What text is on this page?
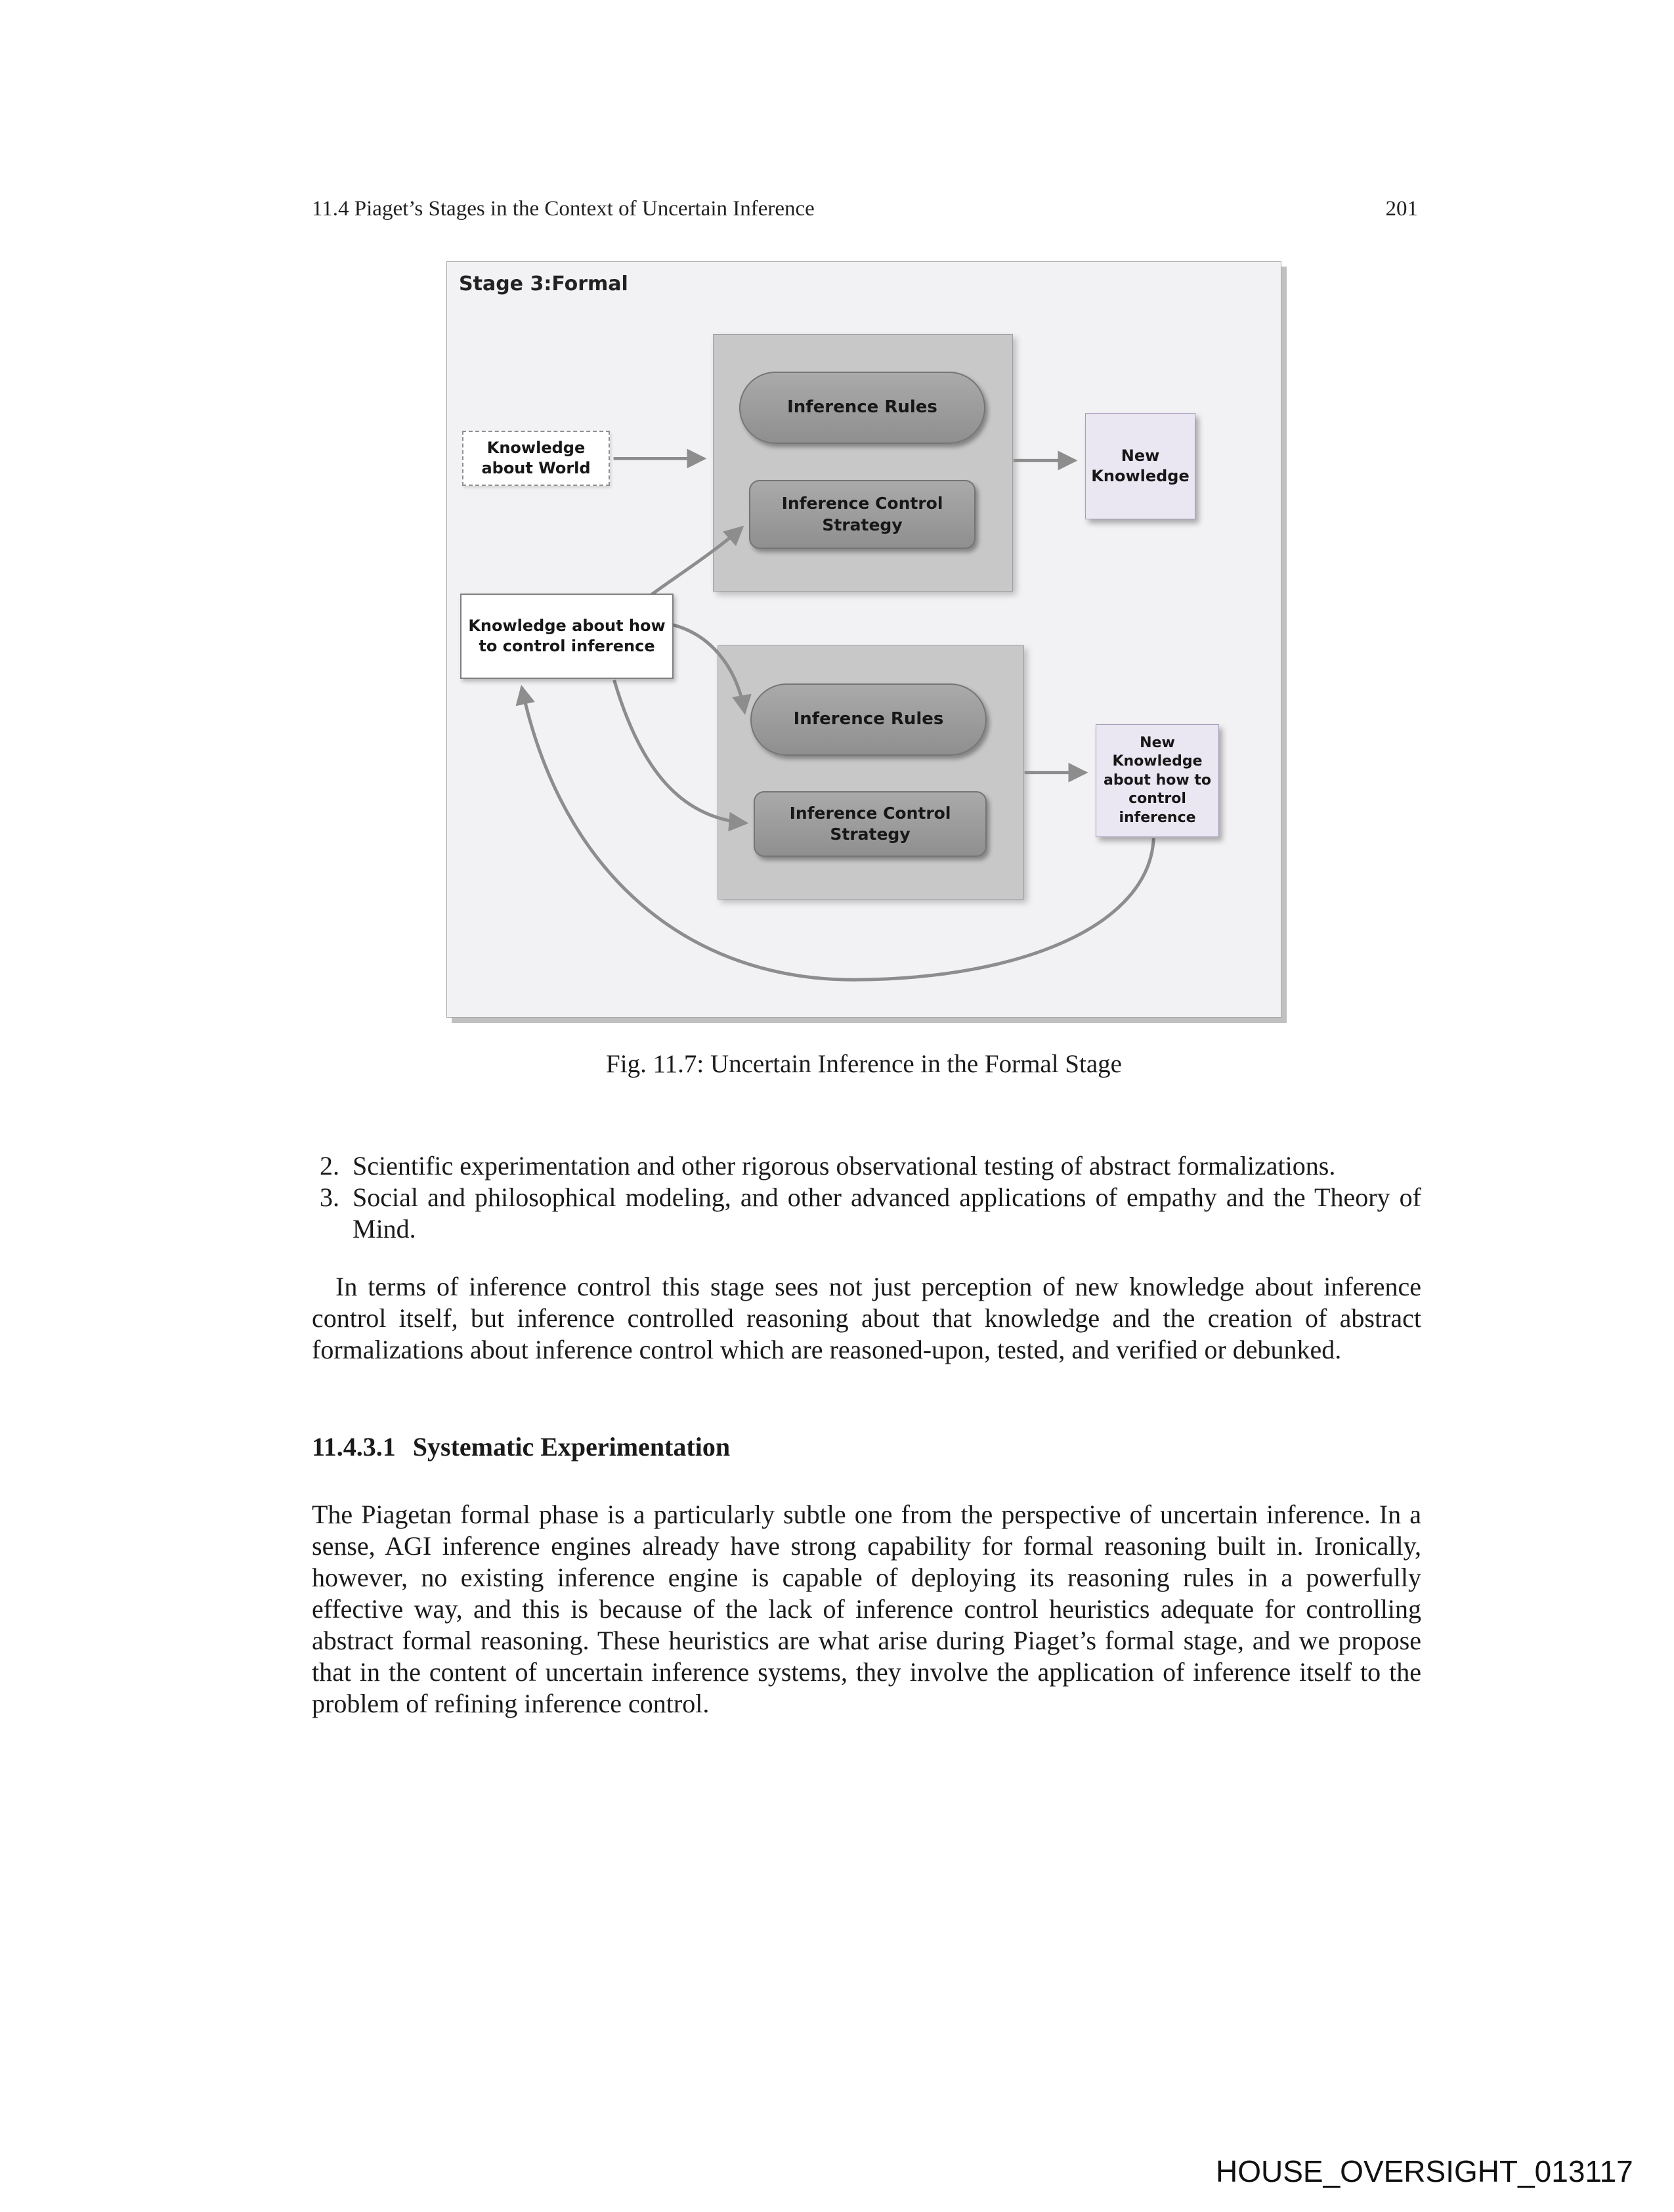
11.4 Piaget’s Stages in the Context of Uncertain Inference	201
Stage 3:Formal
Inference Rules
Inference Control Strategy
Knowledge about World
New Knowledge
Knowledge about how to control inference
Inference Rules
Inference Control Strategy
New Knowledge about how to control inference
Fig. 11.7: Uncertain Inference in the Formal Stage
2. Scientific experimentation and other rigorous observational testing of abstract formalizations.
3. Social and philosophical modeling, and other advanced applications of empathy and the Theory of Mind.

In terms of inference control this stage sees not just perception of new knowledge about inference control itself, but inference controlled reasoning about that knowledge and the creation of abstract formalizations about inference control which are reasoned-upon, tested, and verified or debunked.

11.4.3.1 Systematic Experimentation

The Piagetan formal phase is a particularly subtle one from the perspective of uncertain inference. In a sense, AGI inference engines already have strong capability for formal reasoning built in. Ironically, however, no existing inference engine is capable of deploying its reasoning rules in a powerfully effective way, and this is because of the lack of inference control heuristics adequate for controlling abstract formal reasoning. These heuristics are what arise during Piaget’s formal stage, and we propose that in the content of uncertain inference systems, they involve the application of inference itself to the problem of refining inference control.

HOUSE_OVERSIGHT_013117
